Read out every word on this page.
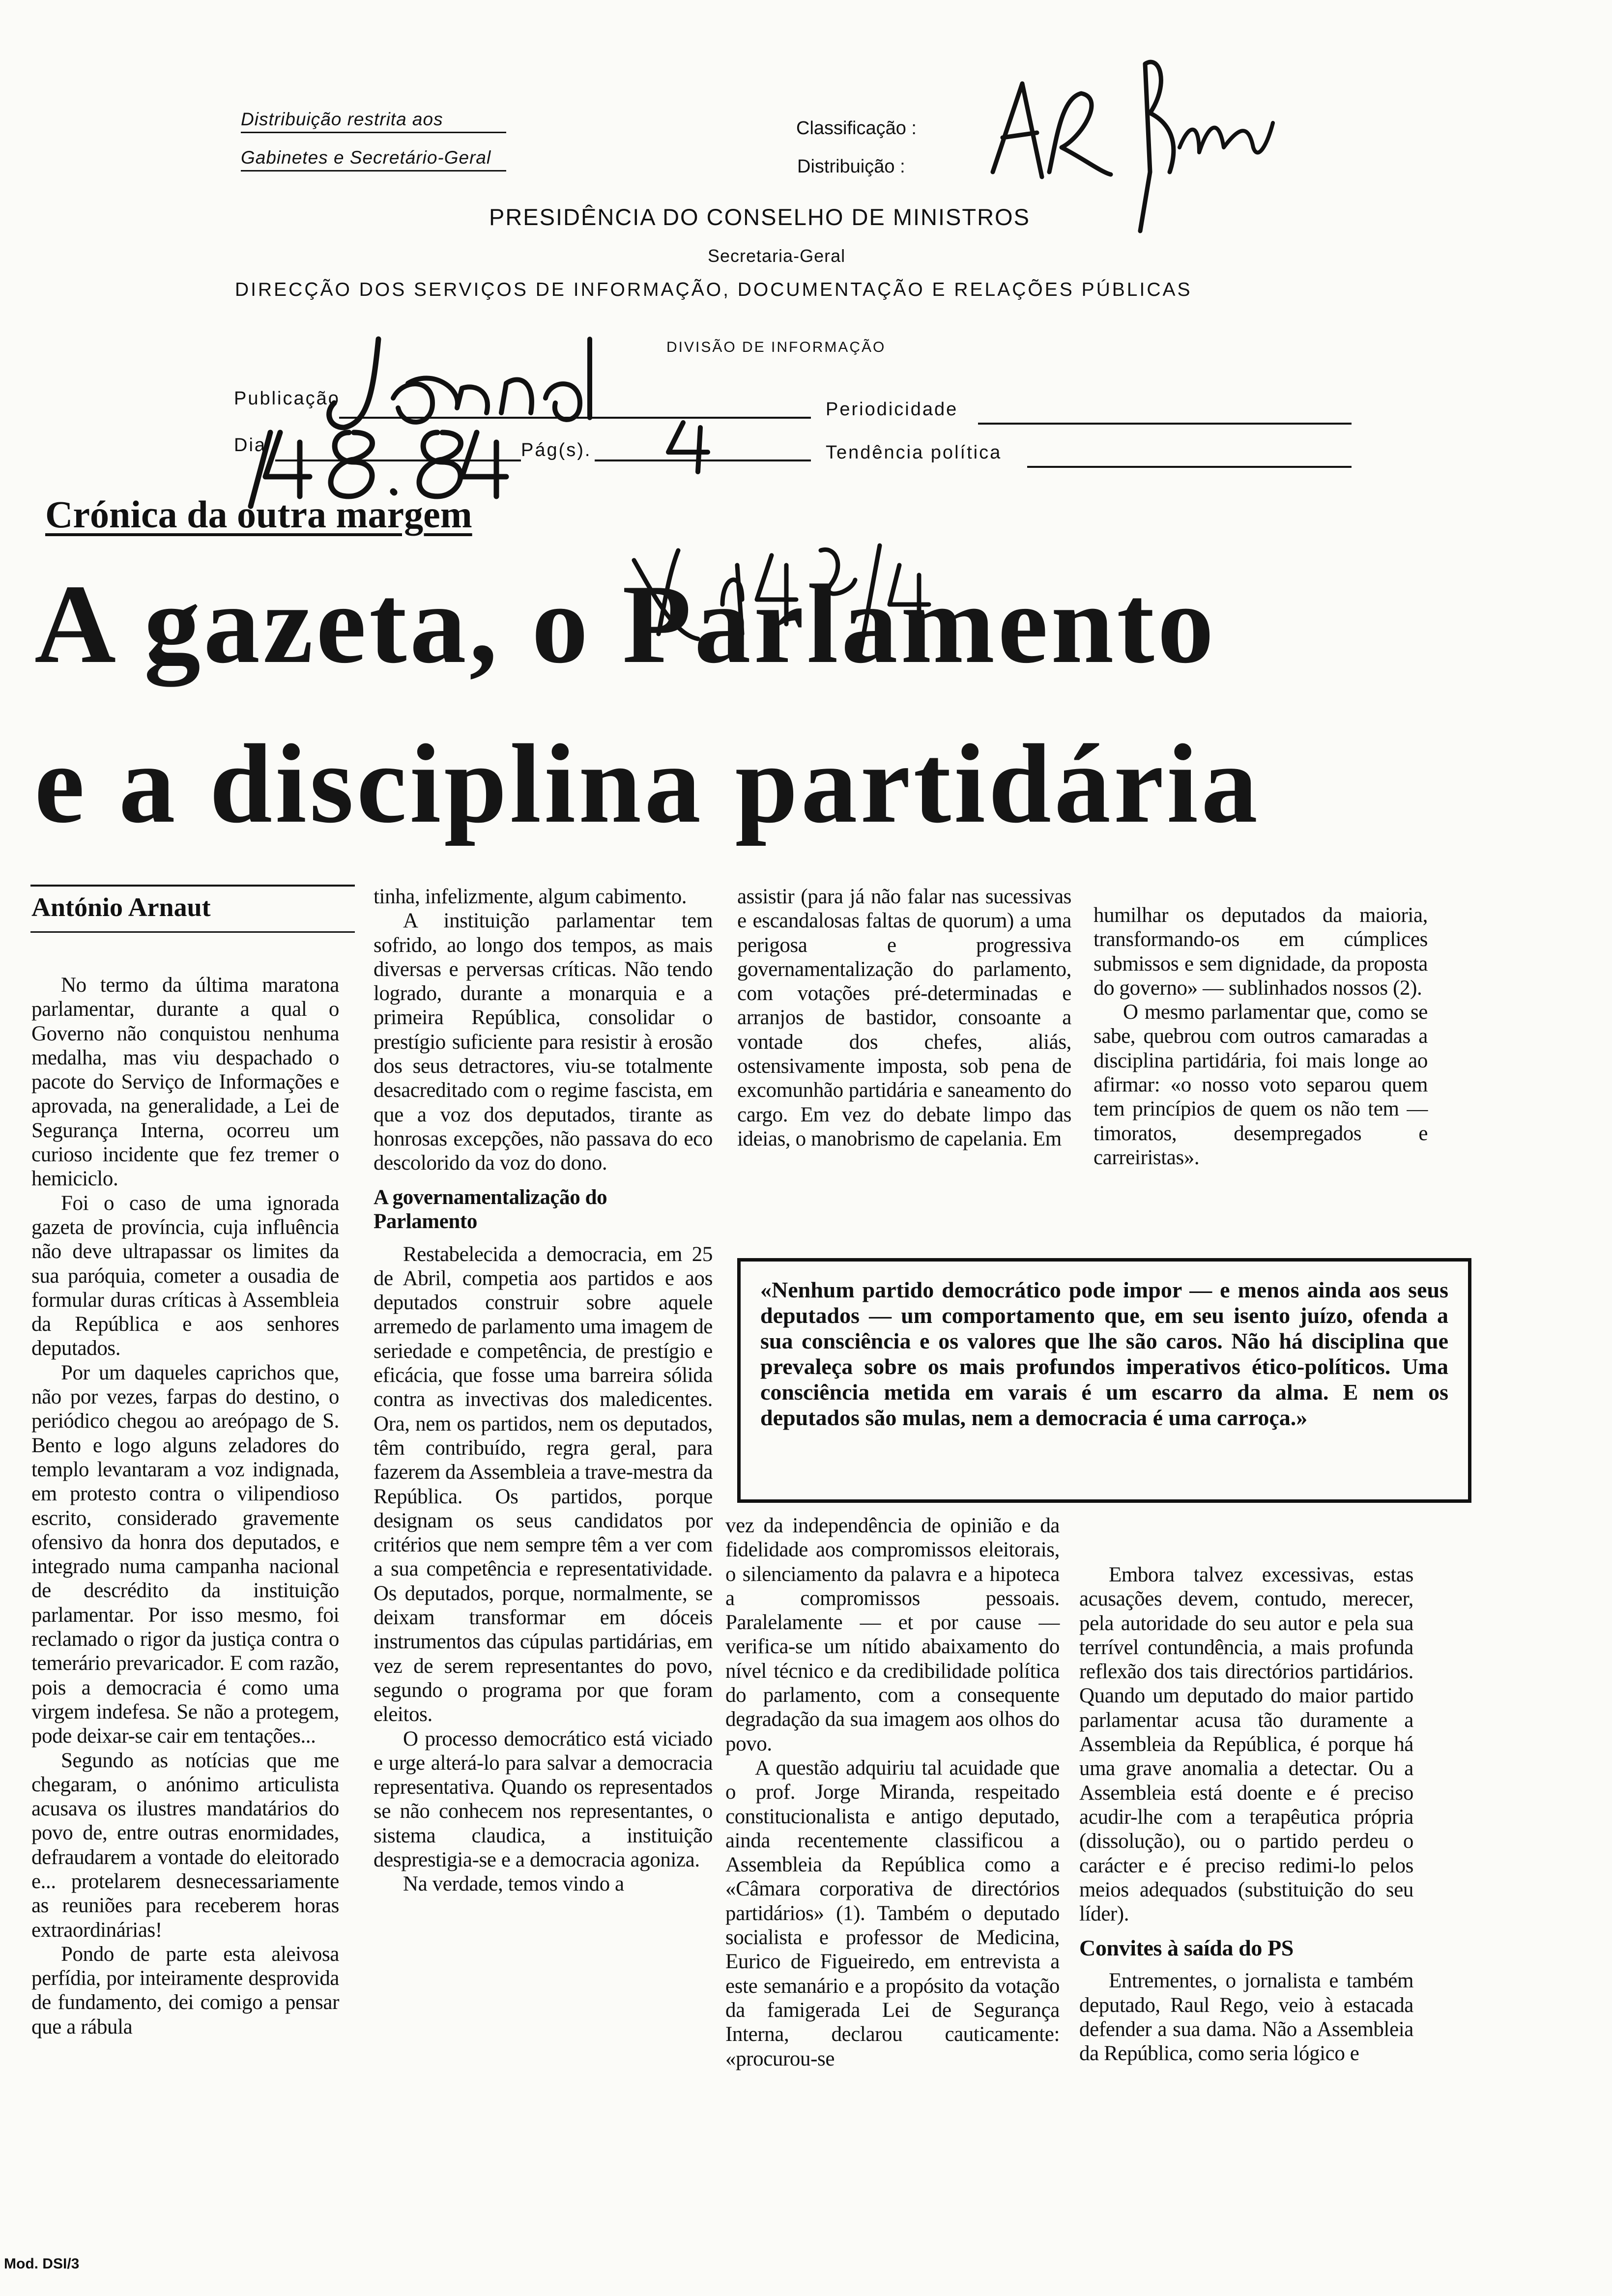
Distribuição restrita aos
Gabinetes e Secretário-Geral
Classificação :
Distribuição :
PRESIDÊNCIA DO CONSELHO DE MINISTROS
Secretaria-Geral
DIRECÇÃO DOS SERVIÇOS DE INFORMAÇÃO, DOCUMENTAÇÃO E RELAÇÕES PÚBLICAS
DIVISÃO DE INFORMAÇÃO
Publicação
Dia	Pág(s).
Periodicidade
Tendência política
Crónica da outra margem
A gazeta, o Parlamento
e a disciplina partidária
António Arnaut

No termo da última maratona parlamentar, durante a qual o Governo não conquistou nenhuma medalha, mas viu despachado o pacote do Serviço de Informações e aprovada, na generalidade, a Lei de Segurança Interna, ocorreu um curioso incidente que fez tremer o hemiciclo.

Foi o caso de uma ignorada gazeta de província, cuja influência não deve ultrapassar os limites da sua paróquia, cometer a ousadia de formular duras críticas à Assembleia da República e aos senhores deputados.

Por um daqueles caprichos que, não por vezes, farpas do destino, o periódico chegou ao areópago de S. Bento e logo alguns zeladores do templo levantaram a voz indignada, em protesto contra o vilipendioso escrito, considerado gravemente ofensivo da honra dos deputados, e integrado numa campanha nacional de descrédito da instituição parlamentar. Por isso mesmo, foi reclamado o rigor da justiça contra o temerário prevaricador. E com razão, pois a democracia é como uma virgem indefesa. Se não a protegem, pode deixar-se cair em tentações...

Segundo as notícias que me chegaram, o anónimo articulista acusava os ilustres mandatários do povo de, entre outras enormidades, defraudarem a vontade do eleitorado e... protelarem desnecessariamente as reuniões para receberem horas extraordinárias!

Pondo de parte esta aleivosa perfídia, por inteiramente desprovida de fundamento, dei comigo a pensar que a rábula

tinha, infelizmente, algum cabimento.

A instituição parlamentar tem sofrido, ao longo dos tempos, as mais diversas e perversas críticas. Não tendo logrado, durante a monarquia e a primeira República, consolidar o prestígio suficiente para resistir à erosão dos seus detractores, viu-se totalmente desacreditado com o regime fascista, em que a voz dos deputados, tirante as honrosas excepções, não passava do eco descolorido da voz do dono.

A governamentalização do Parlamento

Restabelecida a democracia, em 25 de Abril, competia aos partidos e aos deputados construir sobre aquele arremedo de parlamento uma imagem de seriedade e competência, de prestígio e eficácia, que fosse uma barreira sólida contra as invectivas dos maledicentes. Ora, nem os partidos, nem os deputados, têm contribuído, regra geral, para fazerem da Assembleia a trave-mestra da República. Os partidos, porque designam os seus candidatos por critérios que nem sempre têm a ver com a sua competência e representatividade. Os deputados, porque, normalmente, se deixam transformar em dóceis instrumentos das cúpulas partidárias, em vez de serem representantes do povo, segundo o programa por que foram eleitos.

O processo democrático está viciado e urge alterá-lo para salvar a democracia representativa. Quando os representados se não conhecem nos representantes, o sistema claudica, a instituição desprestigia-se e a democracia agoniza.

Na verdade, temos vindo a

assistir (para já não falar nas sucessivas e escandalosas faltas de quorum) a uma perigosa e progressiva governamentalização do parlamento, com votações pré-determinadas e arranjos de bastidor, consoante a vontade dos chefes, aliás, ostensivamente imposta, sob pena de excomunhão partidária e saneamento do cargo. Em vez do debate limpo das ideias, o manobrismo de capelania. Em

humilhar os deputados da maioria, transformando-os em cúmplices submissos e sem dignidade, da proposta do governo» — sublinhados nossos (2).

O mesmo parlamentar que, como se sabe, quebrou com outros camaradas a disciplina partidária, foi mais longe ao afirmar: «o nosso voto separou quem tem princípios de quem os não tem — timoratos, desempregados e carreiristas».

«Nenhum partido democrático pode impor — e menos ainda aos seus deputados — um comportamento que, em seu isento juízo, ofenda a sua consciência e os valores que lhe são caros. Não há disciplina que prevaleça sobre os mais profundos imperativos ético-políticos. Uma consciência metida em varais é um escarro da alma. E nem os deputados são mulas, nem a democracia é uma carroça.»

vez da independência de opinião e da fidelidade aos compromissos eleitorais, o silenciamento da palavra e a hipoteca a compromissos pessoais. Paralelamente — et por cause — verifica-se um nítido abaixamento do nível técnico e da credibilidade política do parlamento, com a consequente degradação da sua imagem aos olhos do povo.

A questão adquiriu tal acuidade que o prof. Jorge Miranda, respeitado constitucionalista e antigo deputado, ainda recentemente classificou a Assembleia da República como a «Câmara corporativa de directórios partidários» (1). Também o deputado socialista e professor de Medicina, Eurico de Figueiredo, em entrevista a este semanário e a propósito da votação da famigerada Lei de Segurança Interna, declarou cauticamente: «procurou-se

Embora talvez excessivas, estas acusações devem, contudo, merecer, pela autoridade do seu autor e pela sua terrível contundência, a mais profunda reflexão dos tais directórios partidários. Quando um deputado do maior partido parlamentar acusa tão duramente a Assembleia da República, é porque há uma grave anomalia a detectar. Ou a Assembleia está doente e é preciso acudir-lhe com a terapêutica própria (dissolução), ou o partido perdeu o carácter e é preciso redimi-lo pelos meios adequados (substituição do seu líder).

Convites à saída do PS

Entrementes, o jornalista e também deputado, Raul Rego, veio à estacada defender a sua dama. Não a Assembleia da República, como seria lógico e

Mod. DSI/3
